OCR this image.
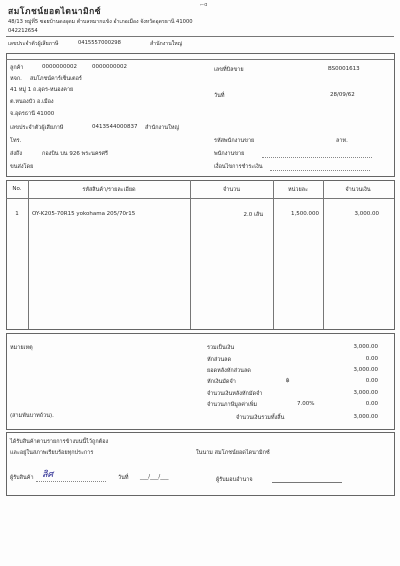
สมโภชน์ยอดไดนามิกซ์
⌐ɑ
48/13 หมู่ที่5 ซอยบ้านดงอุดม ตำบลหมากแข้ง อำเภอเมือง จังหวัดอุดรธานี 41000
042212654
เลขประจำตัวผู้เสียภาษี	0415557000298	สำนักงานใหญ่
ลูกค้า	0000000002	0000000002
หจก. สมโภชน์คาร์เซ็นเตอร์
41 หมู่ 1 ถ.อุดร-หนองคาย
ต.หนองบัว อ.เมือง
จ.อุดรธานี 41000
เลขประจำตัวผู้เสียภาษี	0413544000837 สำนักงานใหญ่
โทร.
ส่งถึง	กองบิน บน 926 พระนครศรี
ขนส่งโดย
เลขที่บิลขาย	BS0001613
วันที่	28/09/62
รหัสพนักงานขาย	ลาท.
พนักงานขาย
เงื่อนไขการชำระเงิน
No.	รหัสสินค้า/รายละเอียด	จำนวน	หน่วยละ	จำนวนเงิน
1	OY-K205-70R15 yokohama 205/70r15	2.0 เส้น	1,500.000	3,000.00
หมายเหตุ
(สามพันบาทถ้วน).
รวมเป็นเงิน	3,000.00
หักส่วนลด	0.00
ยอดหลังหักส่วนลด	3,000.00
หักเงินมัดจำ	฿	0.00
จำนวนเงินหลังหักมัดจำ	3,000.00
จำนวนภาษีมูลค่าเพิ่ม	7.00%	0.00
จำนวนเงินรวมทั้งสิ้น	3,000.00
ได้รับสินค้าตามรายการข้างบนนี้ไว้ถูกต้อง
และอยู่ในสภาพเรียบร้อยทุกประการ	ในนาม สมโภชน์ยอดไดนามิกซ์
ผู้รับสินค้า ลิศ	วันที่ ___/___/___	ผู้รับมอบอำนาจ
